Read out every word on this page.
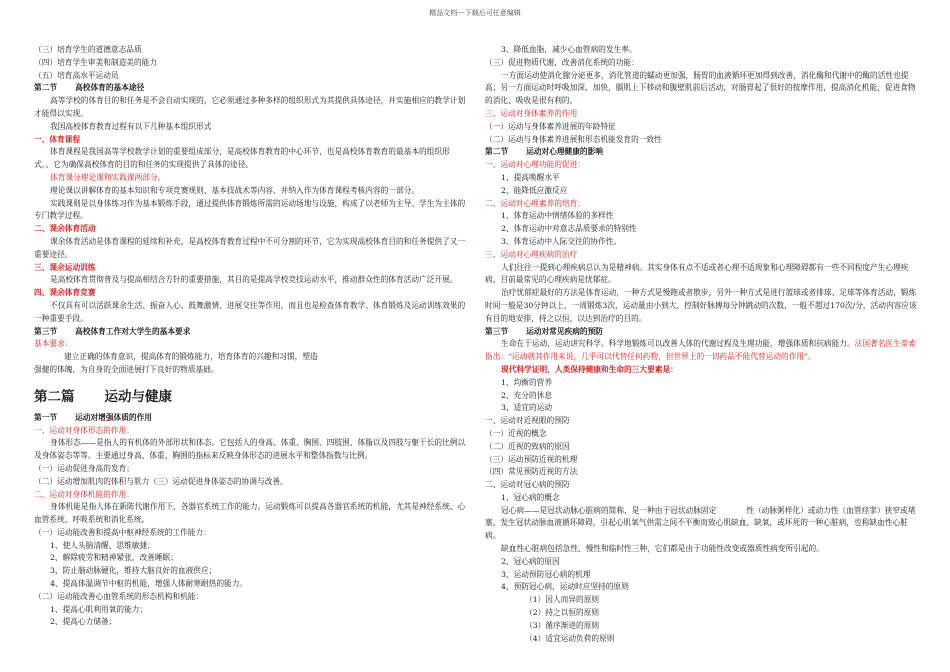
精品文档---下载后可任意编辑

（三）培育学生的道德意志品质

（四）培育学生审美和制造美的能力

（五）培育高水平运动员

第二节 高校体育的基本途径

高等学校的体育目的和任务是不会自动实现的，它必须通过多种多样的组织形式为其提供具体途径，并实施相应的教学计划才能得以实现。

我国高校体育教育过程有以下几种基本组织形式

一、体育课程

体育课程是我国高等学校教学计划的重要组成部分，是高校体育教育的中心环节，也是高校体育教育的最基本的组织形式，。它为确保高校体育的目的和任务的实现提供了具体的途径。

体育课分理论课和实践课两部分。

理论课以讲解体育的基本知识和专项竞赛规则、基本技战术等内容，并纳入作为体育课程考核内容的一部分。

实践课则是以身体练习作为基本锻炼手段，通过提供体育锻炼所需的运动场地与设施，构成了以老师为主导、学生为主体的专门教学过程。

二、课余体育活动

课余体育活动是体育课程的延续和补充，是高校体育教育过程中不可分割的环节，它为实现高校体育目的和任务提供了又一重要途径。

三、课余运动训练

是高校体育贯彻普及与提高相结合方针的重要措施，其目的是提高学校竞技运动水平，推动群众性的体育活动广泛开展。

四、课余体育竞赛

不仅具有可以活跃课余生活、振奋人心、鼓舞激情、进展交往等作用，而且也是检查体育教学、体育锻炼及运动训练效果的一种重要手段。

第三节 高校体育工作对大学生的基本要求

基本要求：

建立正确的体育意识，提高体育的锻炼能力，培育体育的兴趣和习惯，塑造

强健的体魄，为自身的全面进展打下良好的物质基础。

第二篇 运动与健康

第一节 运动对增强体质的作用

一、运动对身体形态的作用：

身体形态——是指人的有机体的外部形状和体态。它包括人的身高、体重、胸围、四肢围、体脂以及四肢与躯干长的比例以及身体姿态等等。主要通过身高、体重、胸围的指标来反映身体形态的进展水平和整体指数与比例。

（一）运动促进身高的发育；

（二）运动增加肌肉的体积与肌力（三）运动促进身体姿态的协调与改善。

二、运动对身体机能的作用：

身体机能是指人体在新陈代谢作用下，各器官系统工作的能力。运动锻炼可以提高各器官系统的机能，尤其是神经系统、心血管系统、呼吸系统和消化系统。

（一）运动能改善和提高中枢神经系统的工作能力：

1、使人头脑清醒、思维敏捷；

2、解除疲劳和精神紧张，改善睡眠；

3、防止脑动脉硬化，维持大脑良好的血液供应；

4、提高体温调节中枢的机能，增强人体耐寒耐热的能力。

（二）运动能改善心血管系统的形态机构和机能：

1、提高心肌利用氧的能力；

2、提高心力储备；

3、降低血脂，减少心血管病的发生率。

（三）促进物质代谢，改善消化系统的功能：

一方面运动使消化腺分泌更多，消化管道的蠕动更加强，肠胃的血液循环更加得到改善，消化酶和代谢中的酶的活性也提高；另一方面运动时呼吸加深、加快，膈肌上下移动和腹壁肌前后活动，对肠胃起了很好的按摩作用，提高消化机能，促进食物的消化、吸收是很有利的。

三、运动对身体素养的作用

（一）运动与身体素养进展的年龄特征

（二）运动与身体素养进展和形态机能发育的一致性

第二节 运动对心理健康的影响

一、运动对心理功能的促进：

1、提高唤醒水平

2、能降低应激反应

二、运动对心理素养的培育：

1、体育运动中情绪体验的多样性

2、体育运动中对意志品质要求的特别性

3、体育运动中人际交往的协作性。

三、运动对心理疾病的治疗

人们往往一提到心理疾病总认为是精神病。其实身体有点不适或者心理不适现象和心理障碍都有一些不同程度产生心理疾病，目前最常见的心理疾病是忧郁症。

治疗忧郁症最好的方法是体育运动，一种方式是慢跑或者散步，另外一种方式是进行篮球或者排球、足球等体育活动，锻炼时间一般是30分钟以上，一周锻炼3次，运动量由小到大，控制好脉搏每分钟跳动的次数，一般不超过170次/分，活动内容应该有目的地安排，持之以恒，以达到治疗的目的。

第三节 运动对常见疾病的预防

生命在于运动，运动讲究科学。科学地锻炼可以改善人体的代谢过程及生理功能，增强体质和抗病能力。法国著名医生蒂索指出：“运动就其作用来说，几乎可以代替任何药物，但世界上的一切药品不能代替运动的作用”。

现代科学证明，人类保持健康和生命的三大要素是：

1、均衡的营养

2、充分的休息

3、适宜的运动

一、运动对近视眼的预防

（一）近视的概念

（二）近视的致病的原因

（三）运动预防近视的机理

（四）常见预防近视的方法

二、运动对冠心病的预防

1、冠心病的概念

冠心病——是冠状动脉心脏病的简称，是一种由于冠状动脉固定	性（动脉粥样化）或动力性（血管痉挛）狭窄或堵塞，发生冠状动脉血液循环障碍，引起心肌氧气供需之间不平衡而致心肌缺血、缺氧，或坏死的一种心脏病，也称缺血性心脏病。

缺血性心脏病包括急性、慢性和临时性三种，它们都是由于功能性改变或器质性病变所引起的。

2、冠心病的原因

3、运动预防冠心病的机理

4、预防冠心病，运动时应坚持的原则

（1）因人而异的原则

（2）持之以恒的原则

（3）循序渐进的原则

（4）适宜运动负荷的原则
